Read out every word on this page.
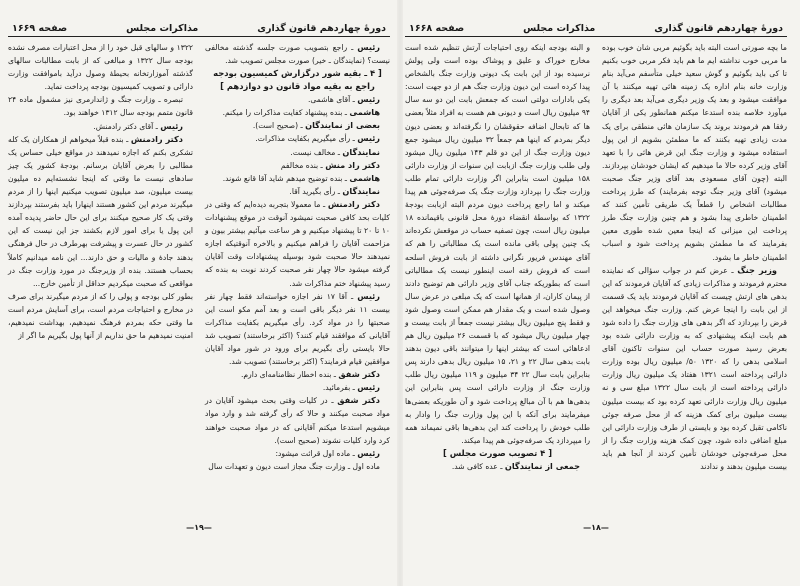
دورهٔ چهاردهم قانون گذاری
مذاکرات مجلس
صفحه ۱۶۶۹

رئیس ـ راجع بتصویب صورت جلسه گذشته مخالفی نیست؟ (نمایندگان ـ خیر) صورت مجلس تصویب شد.

[ ۴ ـ بقیه شور درگزارش کمیسیون بودجه راجع به بقیه مواد قانون دو دوازدهم ]

رئیس ـ آقای هاشمی.

هاشمی ـ بنده پیشنهاد کفایت مذاکرات را میکنم.

بعضی از نمایندگان ـ (صحیح است).

رئیس ـ رأی میگیریم بکفایت مذاکرات.

نمایندگان ـ مخالف نیست.

دکتر راد منش ـ بنده مخالفم

هاشمی ـ بنده توضیح میدهم شاید آقا قانع شوند.

نمایندگان ـ رأی بگیرید آقا.

دکتر رادمنش ـ ما معمولا بتجربه دیده‌ایم که وقتی در کلیات بحد کافی صحبت نمیشود آنوقت در موقع پیشنهادات ۱۰ تا ۲۰ تا پیشنهاد میکنیم و هر ساعت میآئیم بیشتر بیون و مزاحمت آقایان را فراهم میکنیم و بالاخره آنوقتیکه اجازه نمیدهند حالا صحبت شود بوسیله پیشنهادات وقت آقایان گرفته میشود حالا چهار نفر صحبت کردند نوبت به بنده که رسید پیشنهاد ختم مذاکرات شد.

رئیس ـ آقا ۱۷ نفر اجازه خواسته‌اند فقط چهار نفر بیست ۱۱ نفر دیگر باقی است و بعد آمم مکو است این صحبتها را در مواد کرد. رأی میگیریم بکفایت مذاکرات آقایانی که موافقند قیام کنند؟ (اکثر برخاستند) تصویب شد حالا بایستی رأی بگیریم برای ورود در شور مواد آقایان موافقین قیام فرمایند؟ (اکثر برخاستند) تصویب شد.

دکتر شفق ـ بنده اخطار نظامنامه‌ای دارم.

رئیس ـ بفرمائید.

دکتر شفق ـ در کلیات وقتی بحث میشود آقایان در مواد صحبت میکنند و حالا که رأی گرفته شد و وارد مواد میشویم استدعا میکنم آقایانی که در مواد صحبت خواهند کرد وارد کلیات نشوند (صحیح است).

رئیس ـ ماده اول قرائت میشود:

ماده اول ـ وزارت جنگ مجاز است دیون و تعهدات سال

۱۳۲۲ و سالهای قبل خود را از محل اعتبارات مصرف نشده بودجه سال ۱۳۲۲ و مبالغی که از بابت مطالبات سالهای گذشته آموزارتخانه بحیطهٔ وصول درآید باموافقت وزارت دارائی و تصویب کمیسیون بودجه پرداخت نماید.

تبصره ـ وزارت جنگ و ژاندارمری نیز مشمول ماده ۲۴ قانون متمم بودجه سال ۱۳۱۲ خواهند بود.

رئیس ـ آقای دکتر رادمنش.

دکتر رادمنش ـ بنده قبلاً میخواهم از همکاران یک کله تشکری بکنم که اجازه نمیدهند در مواقع خیلی حساس یک مطالبی را بعرض آقایان برسانم. بودجهٔ کشور یک چیز سادهای نیست ما وقتی که اینجا نشسته‌ایم ده میلیون بیست میلیون، صد میلیون تصویب میکنیم اینها را از مردم میگیرند مردم این کشور هستند اینهارا باید بفرستند بپردازند وقتی یک کار صحیح میکنند برای این حال حاضر پدیده آمده این پول یا برای امور لازم بکشند جز این نیست که این کشور در حال عسرت و پیشرفت بهرطرف در حال فرهنگی بدهند جادهٔ و مالیات و حق دارند... این نامه میدانیم کاملاً بحساب هستند. بنده از وزیرجنگ در مورد وزارت جنگ در مواقعی که صحبت میکردیم حداقل از تأمین خارج...

بطور کلی بودجه و پولی را که از مردم میگیرند برای صرف در مخارج و احتیاجات مردم است، برای آسایش مردم است ما وقتی حکه بمردم فرهنگ نمیدهیم، بهداشت نمیدهیم، امنیت نمیدهیم ما حق نداریم از آنها پول بگیریم ما اگر از

—۱۹—
دورهٔ چهاردهم قانون گذاری
مذاکرات مجلس
صفحه ۱۶۶۸

ما بچه صورتی است البته باید بگوئیم مربی شان خوب بوده ما مربی خوب نداشته ایم ما هم باید فکر مربی خوب بکنیم تا کی باید بگوئیم و گوش سعید خیلی متأسفم می‌آید بنام وزارت خانه بنام اداره یک زمینه هائی تهیه میکنند با آن موافقت میشود و بعد یک وزیر دیگری می‌آید بعد دیگری را میآورد خلاصه بنده استدعا میکنم همانطور یکی از آقایان رفقا هم فرمودند بروند یک سازمان هائی منطقی برای یک مدت زیادی تهیه بکنند که ما مطمئن بشویم از این پول استفاده میشود و وزارت جنگ این قرض هائی را با تعهد آقای وزیر کرده حالا ما میدهیم که ایشان خودشان بپردازند. البته (چون آقای مسعودی بعد آقای وزیر جنگ صحبت میشود) آقای وزیر جنگ توجه بفرمایند) که طرز پرداخت مطالبات اشخاص را قطعاً یک طریقی تأمین کنند که اطمینان خاطری پیدا بشود و هم چنین وزارت جنگ طرز پرداخت این میزانی که اینجا معین شده طوری معین بفرمایند که ما مطمئن بشویم پرداخت شود و اسباب اطمینان خاطر ما بشود.

وزیر جنگ ـ عرض کنم در جواب سؤالی که نماینده محترم فرمودند و مذاکرات زیادی که آقایان فرمودند که این بدهی های ارتش چیست که آقایان فرمودند باید یک قسمت از این بابت را اینجا عرض کنم. وزارت جنگ میخواهد این قرض را بپردازد که اگر بدهی های وزارت جنگ را داده شود هم بابت اینکه پیشنهادی که به وزارت دارائی شده بود بعرض رسید صورت حساب این سنوات تاکنون آقای اسلامی بدهی را که ۱۳۲۰ ۵۰/ میلیون ریال بوده وزارت دارائی پرداخته است ۱۳۲۱ هفتاد یک میلیون ریال وزارت دارائی پرداخته است از بابت سال ۱۳۲۲ مبلغ سی و نه میلیون ریال وزارت دارائی تعهد کرده بود که بیست میلیون بیست میلیون برای کمک هزینه که از محل صرفه جوئی ناکامی تقبل کرده بود و بایستی از طرف وزارت دارائی این مبلغ اضافی داده شود، چون کمک هزینه وزارت جنگ را از محل صرفه‌جوئی خودشان تأمین کردند از آنجا هم باید بیست میلیون بدهند و ندادند

و البته بودجه اینکه روی احتیاجات آرتش تنظیم شده است مخارج خوراک و علیق و پوشاک بوده است ولی پولش نرسیده بود از این بابت یک دیونی وزارت جنگ بالشخاص پیدا کرده است این دیون وزارت جنگ هم از دو جهت است: یکی بادارات دولتی است که جمعش بابت این دو سه سال ۹۴ میلیون ریال است و دیونی هم هست به افراد مثلاً بعضی ها که تابحال اضافه حقوقشان را نگرفته‌اند و بعضی دیون دیگر بمردم که اینها هم جمعاً ۳۲ میلیون ریال میشود جمع دیون وزارت جنگ از این دو قلم ۱۴۳ میلیون ریال میشود ولی طلب وزارت جنگ ازبابت این سنوات از وزارت دارائی ۱۵۸ میلیون است بنابراین اگر وزارت دارائی تمام طلب وزارت جنگ را بپردازد وزارت جنگ یک صرفه‌جوئی هم پیدا میکند و اما راجع پرداخت دیون مردم البته ازبابت بودجهٔ ۱۳۲۲ که بواسطهٔ انقضاء دورهٔ محل قانونی باقیمانده ۱۸ میلیون ریال است، چون تصفیه حساب در موقعش نکرده‌اند یک چنین پولی باقی مانده است یک مطالباتی را هم که آقای مهندس فریور نگرانی داشته از بابت فروش اسلحه است که فروش رفته است اینطور نیست یک مطالباتی است که بطوریکه جناب آقای وزیر دارائی هم توضیح دادند از پیمان کاران، از همانها است که یک مبلغی در عرض سال وصول شده است و یک مقدار هم ممکن است وصول شود و فقط پنج میلیون ریال بیشتر نیست جمعاً از بابت بیست و چهار میلیون ریال میشود که با قسمت ۲۶ میلیون ریال هم ادعاهائی است که بیشتر اینها را میتوانند باقی دیون بدهند بابت بدهی سال ۲۲ و ۲۱، ۱۵ میلیون ریال بدهی دارند پس بنابراین بابت سال ۲۲ ۳۴ میلیون و ۱۱۹ میلیون ریال طلب وزارت جنگ از وزارت دارائی است پس بنابراین این بدهی‌ها هم با آن مبالغ پرداخت شود و آن طوریکه بعضی‌ها میفرمایند برای آنکه با این پول وزارت جنگ را وادار به طلب خودش را پرداخت کند این بدهی‌ها باقی نمیماند همه را میپردازد یک صرفه‌جوئی هم پیدا میکند.

[ ۴ تصویب صورت مجلس ]

جمعی از نمایندگان ـ عده کافی شد.

—۱۸—
